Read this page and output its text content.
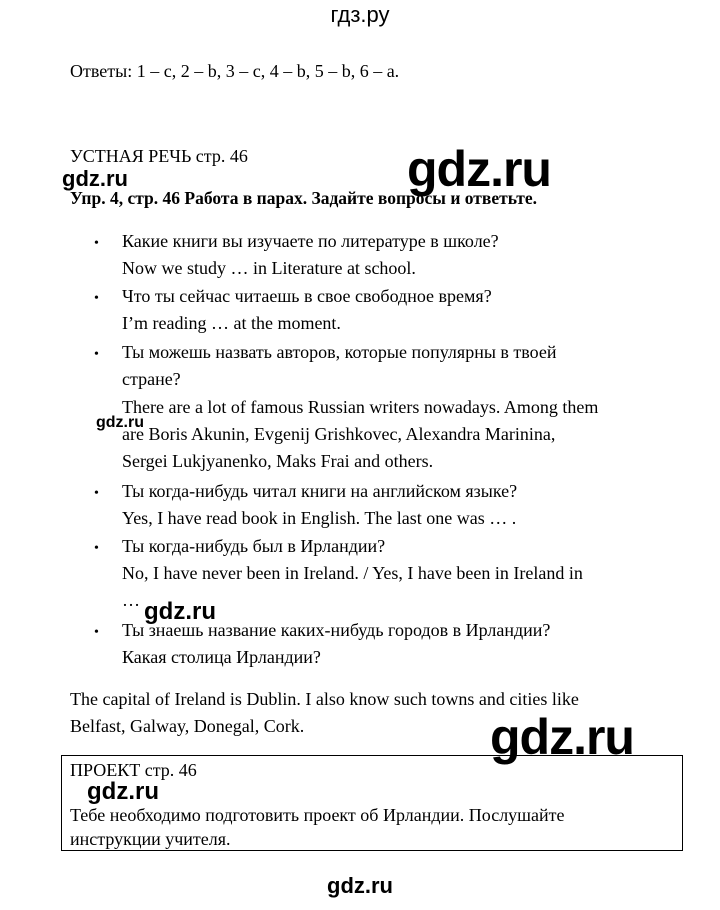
гдз.ру
Ответы: 1 – c, 2 – b, 3 – c, 4 – b, 5 – b, 6 – a.
УСТНАЯ РЕЧЬ стр. 46	gdz.ru
gdz.ru
Упр. 4, стр. 46 Работа в парах. Задайте вопросы и ответьте.
• Какие книги вы изучаете по литературе в школе?
Now we study … in Literature at school.
• Что ты сейчас читаешь в свое свободное время?
I’m reading … at the moment.
• Ты можешь назвать авторов, которые популярны в твоей
стране?
There are a lot of famous Russian writers nowadays. Among them
are Boris Akunin, Evgenij Grishkovec, Alexandra Marinina,
Sergei Lukjyanenko, Maks Frai and others.
gdz.ru
• Ты когда-нибудь читал книги на английском языке?
Yes, I have read book in English. The last one was … .
• Ты когда-нибудь был в Ирландии?
No, I have never been in Ireland. / Yes, I have been in Ireland in
… gdz.ru
• Ты знаешь название каких-нибудь городов в Ирландии?
Какая столица Ирландии?
The capital of Ireland is Dublin. I also know such towns and cities like
Belfast, Galway, Donegal, Cork.	gdz.ru
ПРОЕКТ стр. 46
gdz.ru
Тебе необходимо подготовить проект об Ирландии. Послушайте
инструкции учителя.
gdz.ru
